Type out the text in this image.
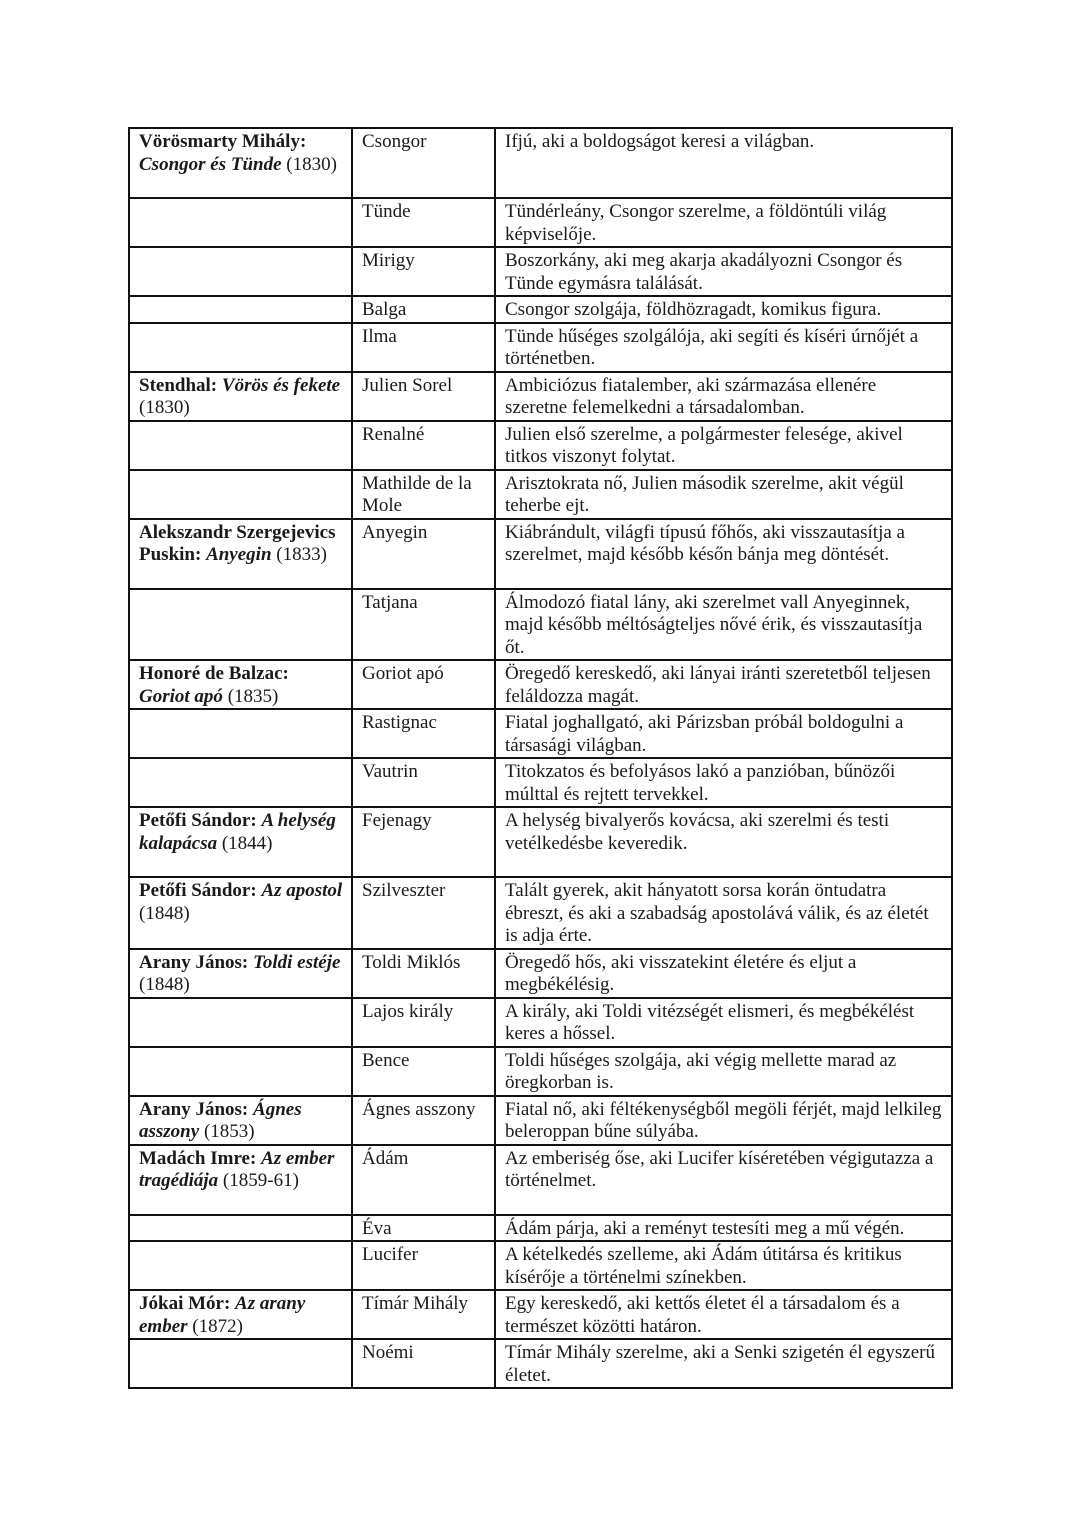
Vörösmarty Mihály: Csongor és Tünde (1830)	Csongor	Ifjú, aki a boldogságot keresi a világban.
	Tünde	Tündérleány, Csongor szerelme, a földöntúli világ képviselője.
	Mirigy	Boszorkány, aki meg akarja akadályozni Csongor és Tünde egymásra találását.
	Balga	Csongor szolgája, földhözragadt, komikus figura.
	Ilma	Tünde hűséges szolgálója, aki segíti és kíséri úrnőjét a történetben.
Stendhal: Vörös és fekete (1830)	Julien Sorel	Ambiciózus fiatalember, aki származása ellenére szeretne felemelkedni a társadalomban.
	Renalné	Julien első szerelme, a polgármester felesége, akivel titkos viszonyt folytat.
	Mathilde de la Mole	Arisztokrata nő, Julien második szerelme, akit végül teherbe ejt.
Alekszandr Szergejevics Puskin: Anyegin (1833)	Anyegin	Kiábrándult, világfi típusú főhős, aki visszautasítja a szerelmet, majd később későn bánja meg döntését.
	Tatjana	Álmodozó fiatal lány, aki szerelmet vall Anyeginnek, majd később méltóságteljes nővé érik, és visszautasítja őt.
Honoré de Balzac: Goriot apó (1835)	Goriot apó	Öregedő kereskedő, aki lányai iránti szeretetből teljesen feláldozza magát.
	Rastignac	Fiatal joghallgató, aki Párizsban próbál boldogulni a társasági világban.
	Vautrin	Titokzatos és befolyásos lakó a panzióban, bűnözői múlttal és rejtett tervekkel.
Petőfi Sándor: A helység kalapácsa (1844)	Fejenagy	A helység bivalyerős kovácsa, aki szerelmi és testi vetélkedésbe keveredik.
Petőfi Sándor: Az apostol (1848)	Szilveszter	Talált gyerek, akit hányatott sorsa korán öntudatra ébreszt, és aki a szabadság apostolává válik, és az életét is adja érte.
Arany János: Toldi estéje (1848)	Toldi Miklós	Öregedő hős, aki visszatekint életére és eljut a megbékélésig.
	Lajos király	A király, aki Toldi vitézségét elismeri, és megbékélést keres a hőssel.
	Bence	Toldi hűséges szolgája, aki végig mellette marad az öregkorban is.
Arany János: Ágnes asszony (1853)	Ágnes asszony	Fiatal nő, aki féltékenységből megöli férjét, majd lelkileg beleroppan bűne súlyába.
Madách Imre: Az ember tragédiája (1859-61)	Ádám	Az emberiség őse, aki Lucifer kíséretében végigutazza a történelmet.
	Éva	Ádám párja, aki a reményt testesíti meg a mű végén.
	Lucifer	A kételkedés szelleme, aki Ádám útitársa és kritikus kísérője a történelmi színekben.
Jókai Mór: Az arany ember (1872)	Tímár Mihály	Egy kereskedő, aki kettős életet él a társadalom és a természet közötti határon.
	Noémi	Tímár Mihály szerelme, aki a Senki szigetén él egyszerű életet.
